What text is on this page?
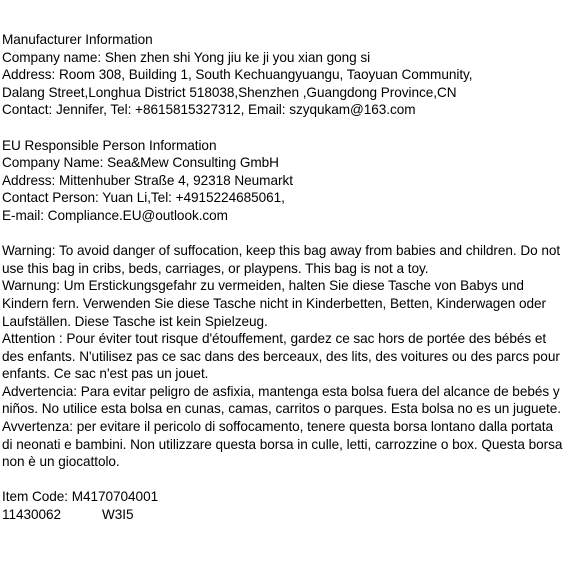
Manufacturer Information
Company name: Shen zhen shi Yong jiu ke ji you xian gong si
Address: Room 308, Building 1, South Kechuangyuangu, Taoyuan Community,
Dalang Street,Longhua District 518038,Shenzhen ,Guangdong Province,CN
Contact: Jennifer, Tel: +8615815327312, Email: szyqukam@163.com
EU Responsible Person Information
Company Name: Sea&Mew Consulting GmbH
Address: Mittenhuber Straße 4, 92318 Neumarkt
Contact Person: Yuan Li,Tel: +4915224685061,
E-mail: Compliance.EU@outlook.com
Warning: To avoid danger of suffocation, keep this bag away from babies and children. Do not use this bag in cribs, beds, carriages, or playpens. This bag is not a toy.
Warnung: Um Erstickungsgefahr zu vermeiden, halten Sie diese Tasche von Babys und Kindern fern. Verwenden Sie diese Tasche nicht in Kinderbetten, Betten, Kinderwagen oder Laufställen. Diese Tasche ist kein Spielzeug.
Attention : Pour éviter tout risque d'étouffement, gardez ce sac hors de portée des bébés et des enfants. N'utilisez pas ce sac dans des berceaux, des lits, des voitures ou des parcs pour enfants. Ce sac n'est pas un jouet.
Advertencia: Para evitar peligro de asfixia, mantenga esta bolsa fuera del alcance de bebés y niños. No utilice esta bolsa en cunas, camas, carritos o parques. Esta bolsa no es un juguete.
Avvertenza: per evitare il pericolo di soffocamento, tenere questa borsa lontano dalla portata di neonati e bambini. Non utilizzare questa borsa in culle, letti, carrozzine o box. Questa borsa non è un giocattolo.
Item Code: M4170704001
11430062	W3I5
